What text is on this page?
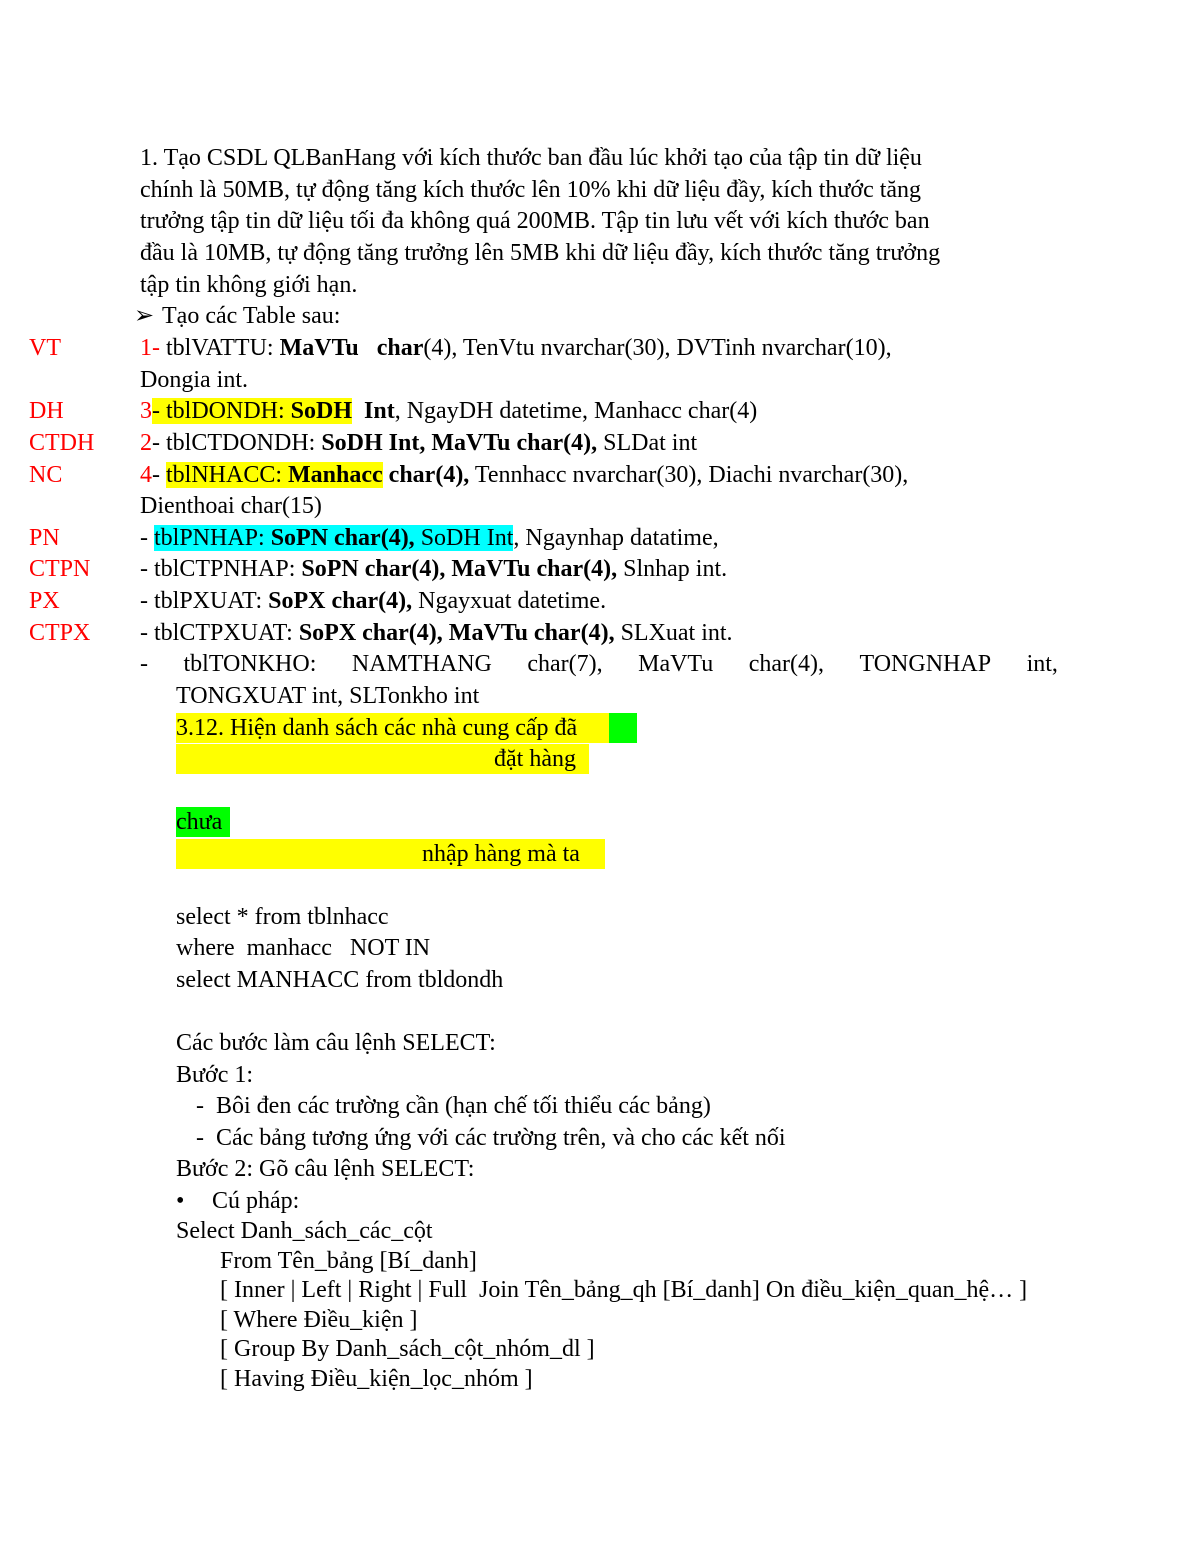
1. Tạo CSDL QLBanHang với kích thước ban đầu lúc khởi tạo của tập tin dữ liệu
chính là 50MB, tự động tăng kích thước lên 10% khi dữ liệu đầy, kích thước tăng
trưởng tập tin dữ liệu tối đa không quá 200MB. Tập tin lưu vết với kích thước ban
đầu là 10MB, tự động tăng trưởng lên 5MB khi dữ liệu đầy, kích thước tăng trưởng
tập tin không giới hạn.
➢ Tạo các Table sau:
VT	1- tblVATTU: MaVTu char(4), TenVtu nvarchar(30), DVTinh nvarchar(10),
Dongia int.
DH	3- tblDONDH: SoDH Int, NgayDH datetime, Manhacc char(4)
CTDH 2- tblCTDONDH: SoDH Int, MaVTu char(4), SLDat int
NC	4- tblNHACC: Manhacc char(4), Tennhacc nvarchar(30), Diachi nvarchar(30),
Dienthoai char(15)
PN	- tblPNHAP: SoPN char(4), SoDH Int, Ngaynhap datatime,
CTPN - tblCTPNHAP: SoPN char(4), MaVTu char(4), Slnhap int.
PX	- tblPXUAT: SoPX char(4), Ngayxuat datetime.
CTPX - tblCTPXUAT: SoPX char(4), MaVTu char(4), SLXuat int.
- tblTONKHO: NAMTHANG char(7), MaVTu char(4), TONGNHAP int,
TONGXUAT int, SLTonkho int
3.12. Hiện danh sách các nhà cung cấp đã
đặt hàng
chưa
nhập hàng mà ta
select * from tblnhacc
where  manhacc   NOT IN
select MANHACC from tbldondh
Các bước làm câu lệnh SELECT:
Bước 1:
-  Bôi đen các trường cần (hạn chế tối thiểu các bảng)
-  Các bảng tương ứng với các trường trên, và cho các kết nối
Bước 2: Gõ câu lệnh SELECT:
• Cú pháp:
Select Danh_sách_các_cột
From Tên_bảng [Bí_danh]
[ Inner | Left | Right | Full  Join Tên_bảng_qh [Bí_danh] On điều_kiện_quan_hệ… ]
[ Where Điều_kiện ]
[ Group By Danh_sách_cột_nhóm_dl ]
[ Having Điều_kiện_lọc_nhóm ]
